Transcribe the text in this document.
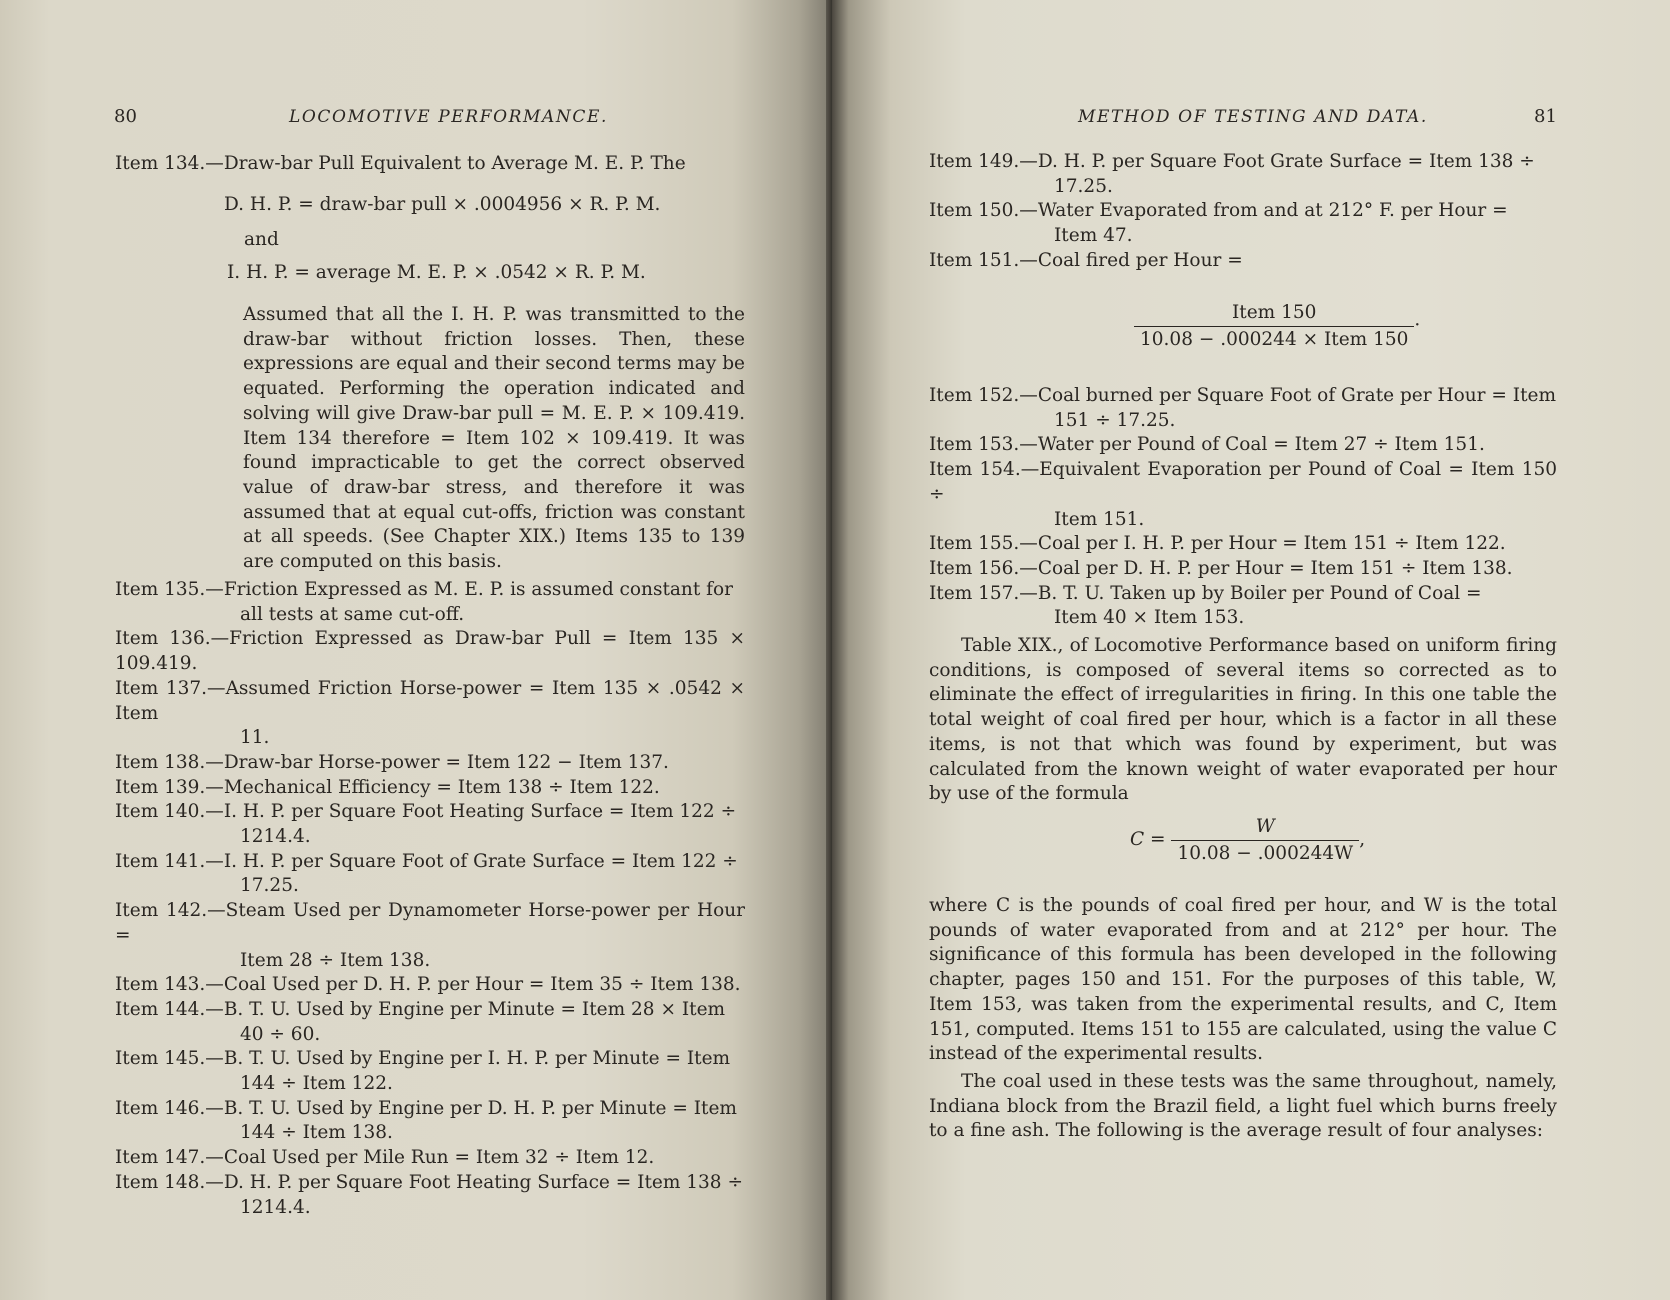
80	LOCOMOTIVE PERFORMANCE.
Item 134.—Draw-bar Pull Equivalent to Average M. E. P. The
D. H. P. = draw-bar pull × .0004956 × R. P. M.
and
I. H. P. = average M. E. P. × .0542 × R. P. M.
Assumed that all the I. H. P. was transmitted to the draw-bar without friction losses. Then, these expressions are equal and their second terms may be equated. Performing the operation indicated and solving will give Draw-bar pull = M. E. P. × 109.419. Item 134 therefore = Item 102 × 109.419. It was found impracticable to get the correct observed value of draw-bar stress, and therefore it was assumed that at equal cut-offs, friction was constant at all speeds. (See Chapter XIX.) Items 135 to 139 are computed on this basis.
Item 135.—Friction Expressed as M. E. P. is assumed constant for
all tests at same cut-off.
Item 136.—Friction Expressed as Draw-bar Pull = Item 135 × 109.419.
Item 137.—Assumed Friction Horse-power = Item 135 × .0542 × Item
11.
Item 138.—Draw-bar Horse-power = Item 122 − Item 137.
Item 139.—Mechanical Efficiency = Item 138 ÷ Item 122.
Item 140.—I. H. P. per Square Foot Heating Surface = Item 122 ÷
1214.4.
Item 141.—I. H. P. per Square Foot of Grate Surface = Item 122 ÷
17.25.
Item 142.—Steam Used per Dynamometer Horse-power per Hour =
Item 28 ÷ Item 138.
Item 143.—Coal Used per D. H. P. per Hour = Item 35 ÷ Item 138.
Item 144.—B. T. U. Used by Engine per Minute = Item 28 × Item
40 ÷ 60.
Item 145.—B. T. U. Used by Engine per I. H. P. per Minute = Item
144 ÷ Item 122.
Item 146.—B. T. U. Used by Engine per D. H. P. per Minute = Item
144 ÷ Item 138.
Item 147.—Coal Used per Mile Run = Item 32 ÷ Item 12.
Item 148.—D. H. P. per Square Foot Heating Surface = Item 138 ÷
1214.4.
METHOD OF TESTING AND DATA.	81
Item 149.—D. H. P. per Square Foot Grate Surface = Item 138 ÷
17.25.
Item 150.—Water Evaporated from and at 212° F. per Hour =
Item 47.
Item 151.—Coal fired per Hour =
$\frac{\text{Item 150}}{\text{10.08 − .000244 × Item 150}}$ ·
Item 152.—Coal burned per Square Foot of Grate per Hour = Item
151 ÷ 17.25.
Item 153.—Water per Pound of Coal = Item 27 ÷ Item 151.
Item 154.—Equivalent Evaporation per Pound of Coal = Item 150 ÷
Item 151.
Item 155.—Coal per I. H. P. per Hour = Item 151 ÷ Item 122.
Item 156.—Coal per D. H. P. per Hour = Item 151 ÷ Item 138.
Item 157.—B. T. U. Taken up by Boiler per Pound of Coal =
Item 40 × Item 153.
Table XIX., of Locomotive Performance based on uniform firing conditions, is composed of several items so corrected as to eliminate the effect of irregularities in firing. In this one table the total weight of coal fired per hour, which is a factor in all these items, is not that which was found by experiment, but was calculated from the known weight of water evaporated per hour by use of the formula
$C = \frac{W}{10.08 - .000244W}$ ,
where C is the pounds of coal fired per hour, and W is the total pounds of water evaporated from and at 212° per hour. The significance of this formula has been developed in the following chapter, pages 150 and 151. For the purposes of this table, W, Item 153, was taken from the experimental results, and C, Item 151, computed. Items 151 to 155 are calculated, using the value C instead of the experimental results.
The coal used in these tests was the same throughout, namely, Indiana block from the Brazil field, a light fuel which burns freely to a fine ash. The following is the average result of four analyses:
